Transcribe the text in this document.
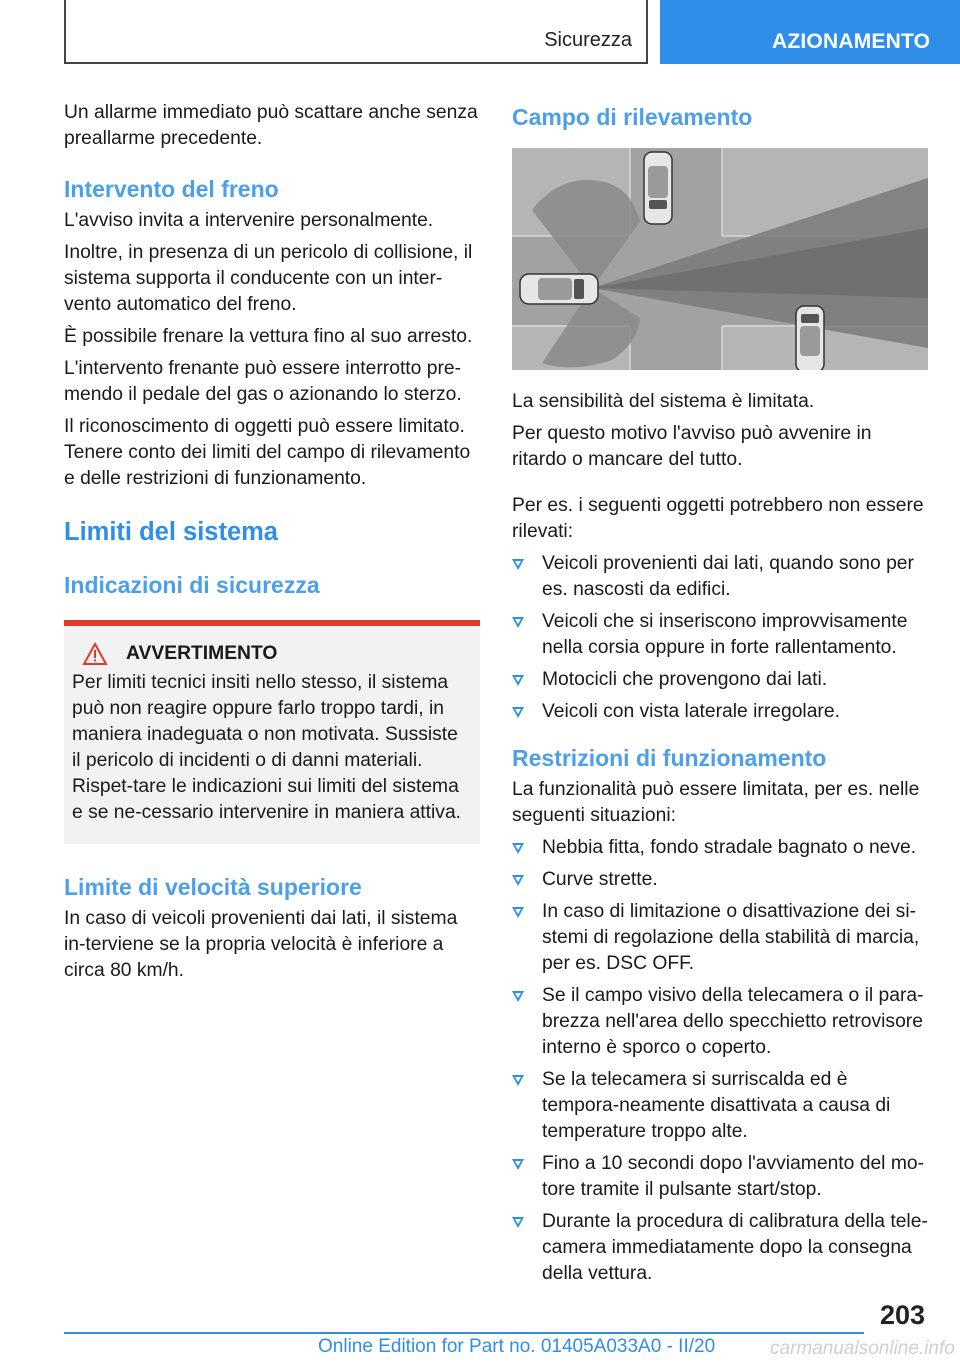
Sicurezza	AZIONAMENTO

Un allarme immediato può scattare anche senza preallarme precedente.

Intervento del freno

L'avviso invita a intervenire personalmente.

Inoltre, in presenza di un pericolo di collisione, il sistema supporta il conducente con un inter‐vento automatico del freno.

È possibile frenare la vettura fino al suo arresto.

L'intervento frenante può essere interrotto pre‐mendo il pedale del gas o azionando lo sterzo.

Il riconoscimento di oggetti può essere limitato. Tenere conto dei limiti del campo di rilevamento e delle restrizioni di funzionamento.

Limiti del sistema
Indicazioni di sicurezza
AVVERTIMENTO

Per limiti tecnici insiti nello stesso, il sistema può non reagire oppure farlo troppo tardi, in maniera inadeguata o non motivata. Sussiste il pericolo di incidenti o di danni materiali. Rispet‐tare le indicazioni sui limiti del sistema e se ne‐cessario intervenire in maniera attiva.

Limite di velocità superiore

In caso di veicoli provenienti dai lati, il sistema in‐terviene se la propria velocità è inferiore a circa 80 km/h.

Campo di rilevamento

La sensibilità del sistema è limitata.

Per questo motivo l'avviso può avvenire in ritardo o mancare del tutto.

Per es. i seguenti oggetti potrebbero non essere rilevati:

Veicoli provenienti dai lati, quando sono per es. nascosti da edifici.
Veicoli che si inseriscono improvvisamente nella corsia oppure in forte rallentamento.
Motocicli che provengono dai lati.
Veicoli con vista laterale irregolare.
Restrizioni di funzionamento

La funzionalità può essere limitata, per es. nelle seguenti situazioni:

Nebbia fitta, fondo stradale bagnato o neve.
Curve strette.
In caso di limitazione o disattivazione dei si‐stemi di regolazione della stabilità di marcia, per es. DSC OFF.
Se il campo visivo della telecamera o il para‐brezza nell'area dello specchietto retrovisore interno è sporco o coperto.
Se la telecamera si surriscalda ed è tempora‐neamente disattivata a causa di temperature troppo alte.
Fino a 10 secondi dopo l'avviamento del mo‐tore tramite il pulsante start/stop.
Durante la procedura di calibratura della tele‐camera immediatamente dopo la consegna della vettura.
203
Online Edition for Part no. 01405A033A0 - II/20	carmanualsonline.info
